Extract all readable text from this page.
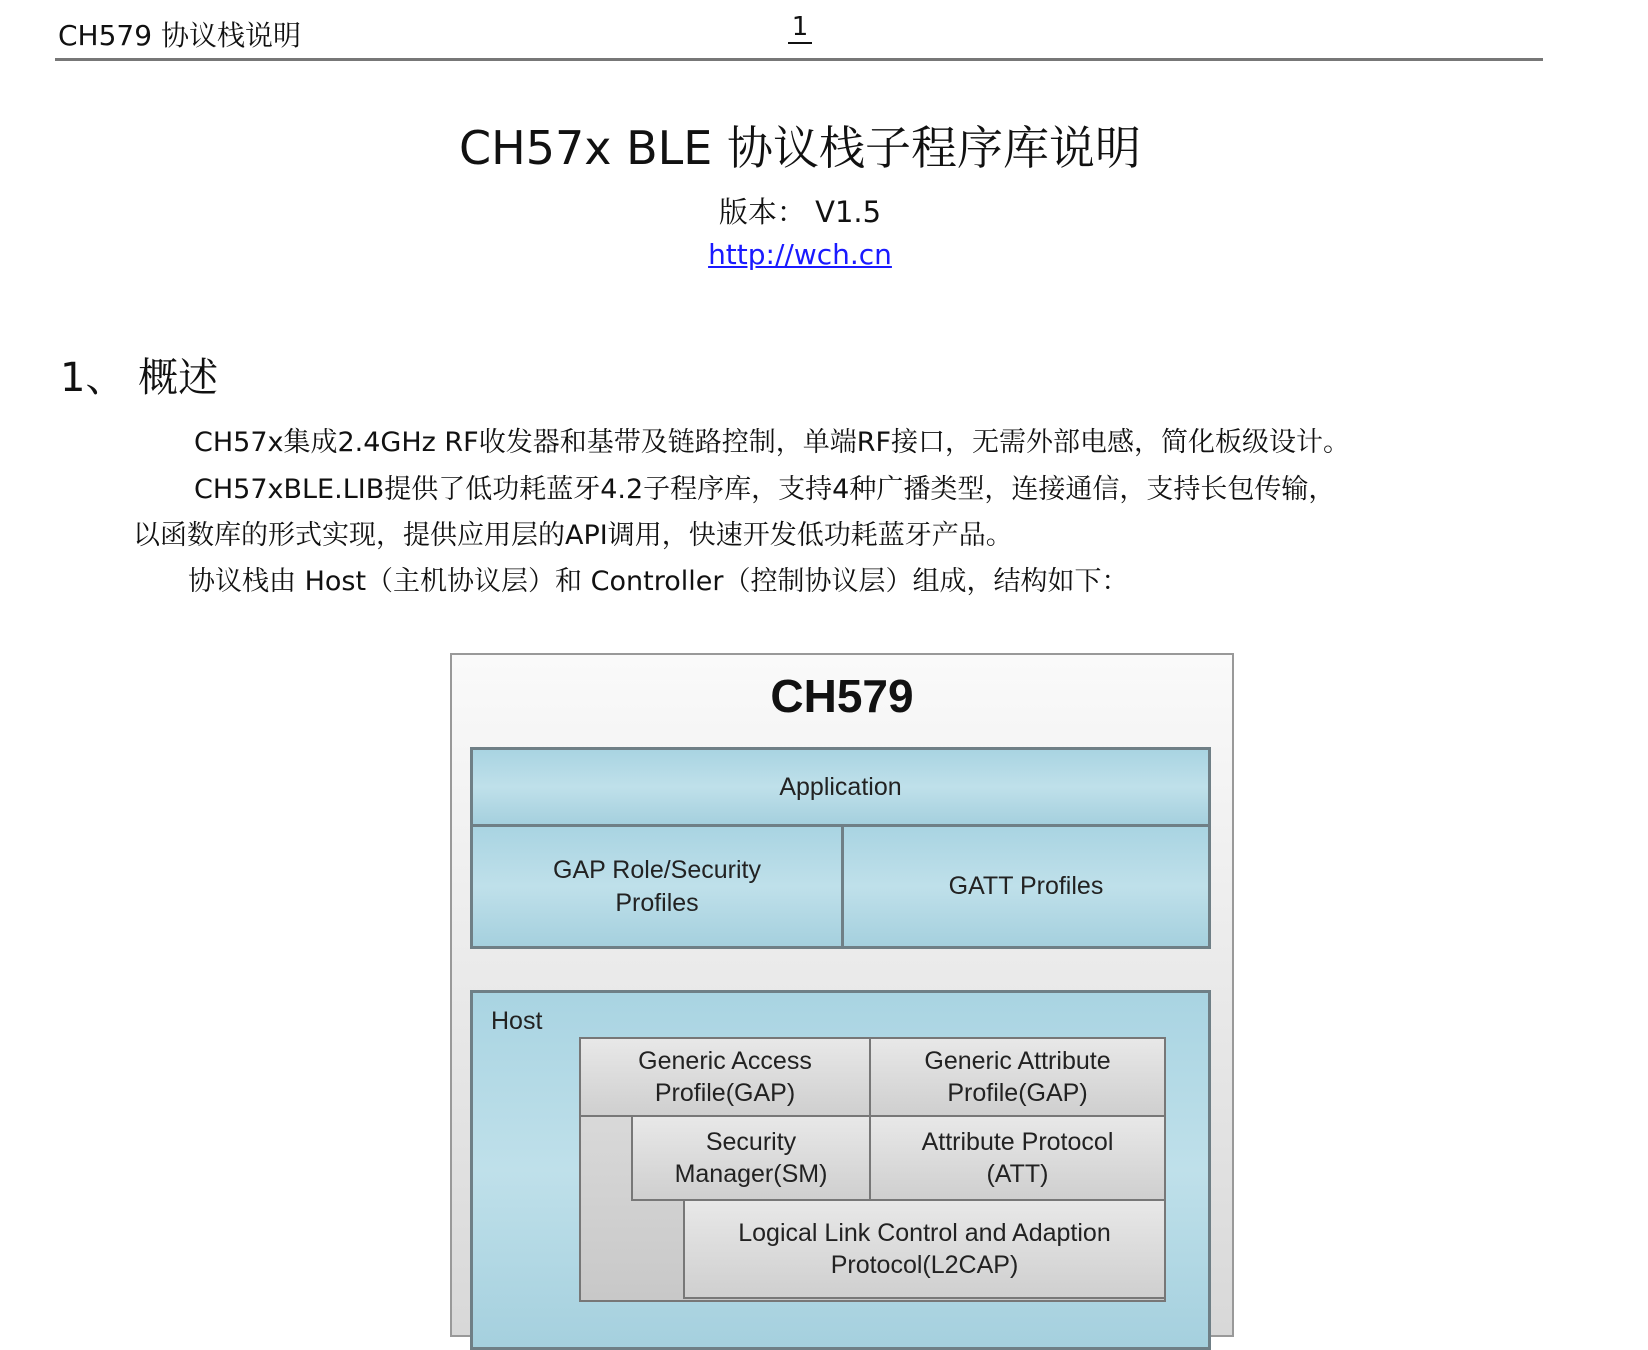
CH579 协议栈说明	1
CH57x BLE 协议栈子程序库说明
版本： V1.5
http://wch.cn
1、 概述
CH57x集成2.4GHz RF收发器和基带及链路控制，单端RF接口，无需外部电感，简化板级设计。
CH57xBLE.LIB提供了低功耗蓝牙4.2子程序库，支持4种广播类型，连接通信，支持长包传输，
以函数库的形式实现，提供应用层的API调用，快速开发低功耗蓝牙产品。
协议栈由 Host（主机协议层）和 Controller（控制协议层）组成，结构如下：
CH579
Application
GAP Role/Security Profiles
GATT Profiles
Host
Generic Access Profile(GAP)
Generic Attribute Profile(GAP)
Security Manager(SM)
Attribute Protocol (ATT)
Logical Link Control and Adaption Protocol(L2CAP)
